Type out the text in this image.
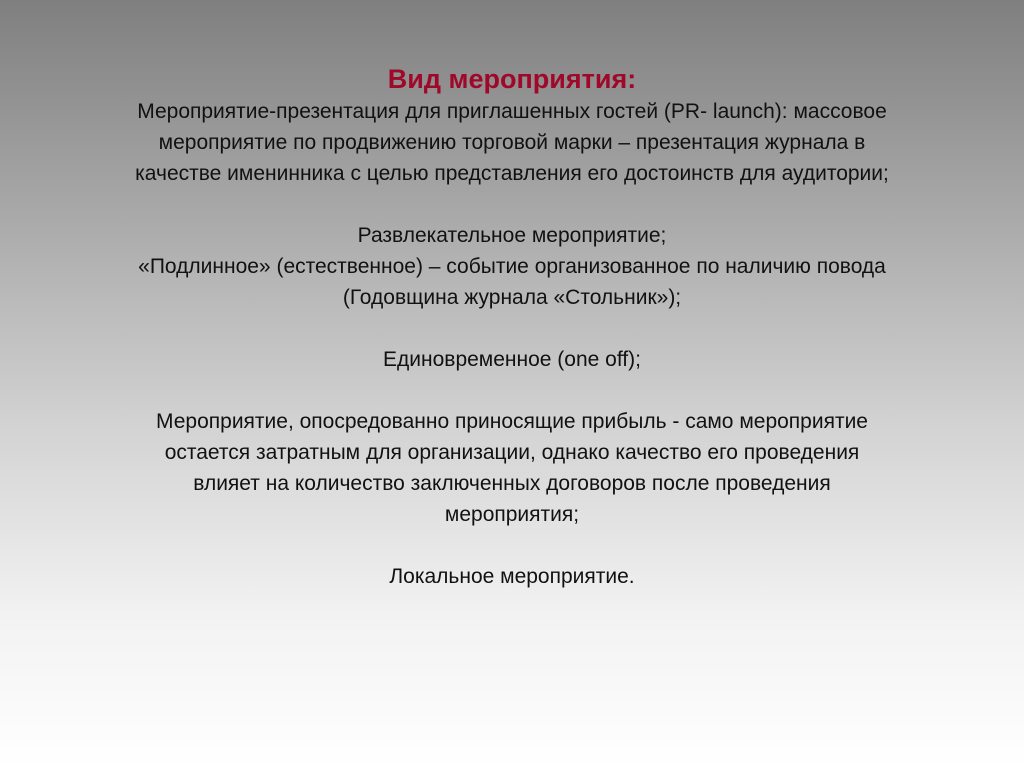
Вид мероприятия:
Мероприятие-презентация для приглашенных гостей (PR- launch): массовое
мероприятие по продвижению торговой марки – презентация журнала в
качестве именинника с целью представления его достоинств для аудитории;
Развлекательное мероприятие;
«Подлинное» (естественное) – событие организованное по наличию повода
(Годовщина журнала «Стольник»);
Единовременное (one off);
Мероприятие, опосредованно приносящие прибыль - само мероприятие
остается затратным для организации, однако качество его проведения
влияет на количество заключенных договоров после проведения
мероприятия;
Локальное мероприятие.
